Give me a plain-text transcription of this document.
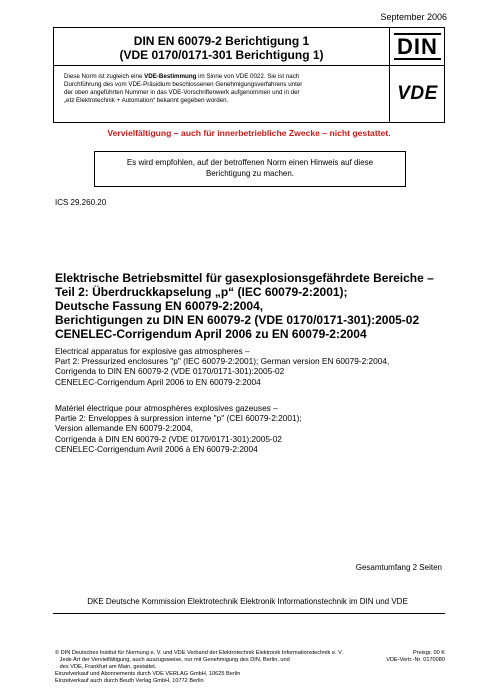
September 2006
DIN EN 60079-2 Berichtigung 1
(VDE 0170/0171-301 Berichtigung 1)	DIN
Diese Norm ist zugleich eine VDE-Bestimmung im Sinne von VDE 0022. Sie ist nach
Durchführung des vom VDE-Präsidium beschlossenen Genehmigungsverfahrens unter
der oben angeführten Nummer in das VDE-Vorschriftenwerk aufgenommen und in der
„etz Elektrotechnik + Automation“ bekannt gegeben worden.	VDE
Vervielfältigung – auch für innerbetriebliche Zwecke – nicht gestattet.
Es wird empfohlen, auf der betroffenen Norm einen Hinweis auf diese
Berichtigung zu machen.
ICS 29.260.20
Elektrische Betriebsmittel für gasexplosionsgefährdete Bereiche –
Teil 2: Überdruckkapselung „p“ (IEC 60079-2:2001);
Deutsche Fassung EN 60079-2:2004,
Berichtigungen zu DIN EN 60079-2 (VDE 0170/0171-301):2005-02
CENELEC-Corrigendum April 2006 zu EN 60079-2:2004
Electrical apparatus for explosive gas atmospheres –
Part 2: Pressurized enclosures "p" (IEC 60079-2:2001); German version EN 60079-2:2004,
Corrigenda to DIN EN 60079-2 (VDE 0170/0171-301):2005-02
CENELEC-Corrigendum April 2006 to EN 60079-2:2004
Matériel électrique pour atmosphères explosives gazeuses –
Partie 2: Enveloppes à surpression interne "p" (CEI 60079-2:2001);
Version allemande EN 60079-2:2004,
Corrigenda à DIN EN 60079-2 (VDE 0170/0171-301):2005-02
CENELEC-Corrigendum Avril 2006 à EN 60079-2:2004
Gesamtumfang 2 Seiten
DKE Deutsche Kommission Elektrotechnik Elektronik Informationstechnik im DIN und VDE
© DIN Deutsches Institut für Normung e. V. und VDE Verband der Elektrotechnik Elektronik Informationstechnik e. V.
Jede Art der Vervielfältigung, auch auszugsweise, nur mit Genehmigung des DIN, Berlin, und
des VDE, Frankfurt am Main, gestattet.
Einzelverkauf und Abonnements durch VDE VERLAG GmbH, 10625 Berlin
Einzelverkauf auch durch Beuth Verlag GmbH, 10772 Berlin
Preisgr. 00 K
VDE-Vertr.-Nr. 0170080
